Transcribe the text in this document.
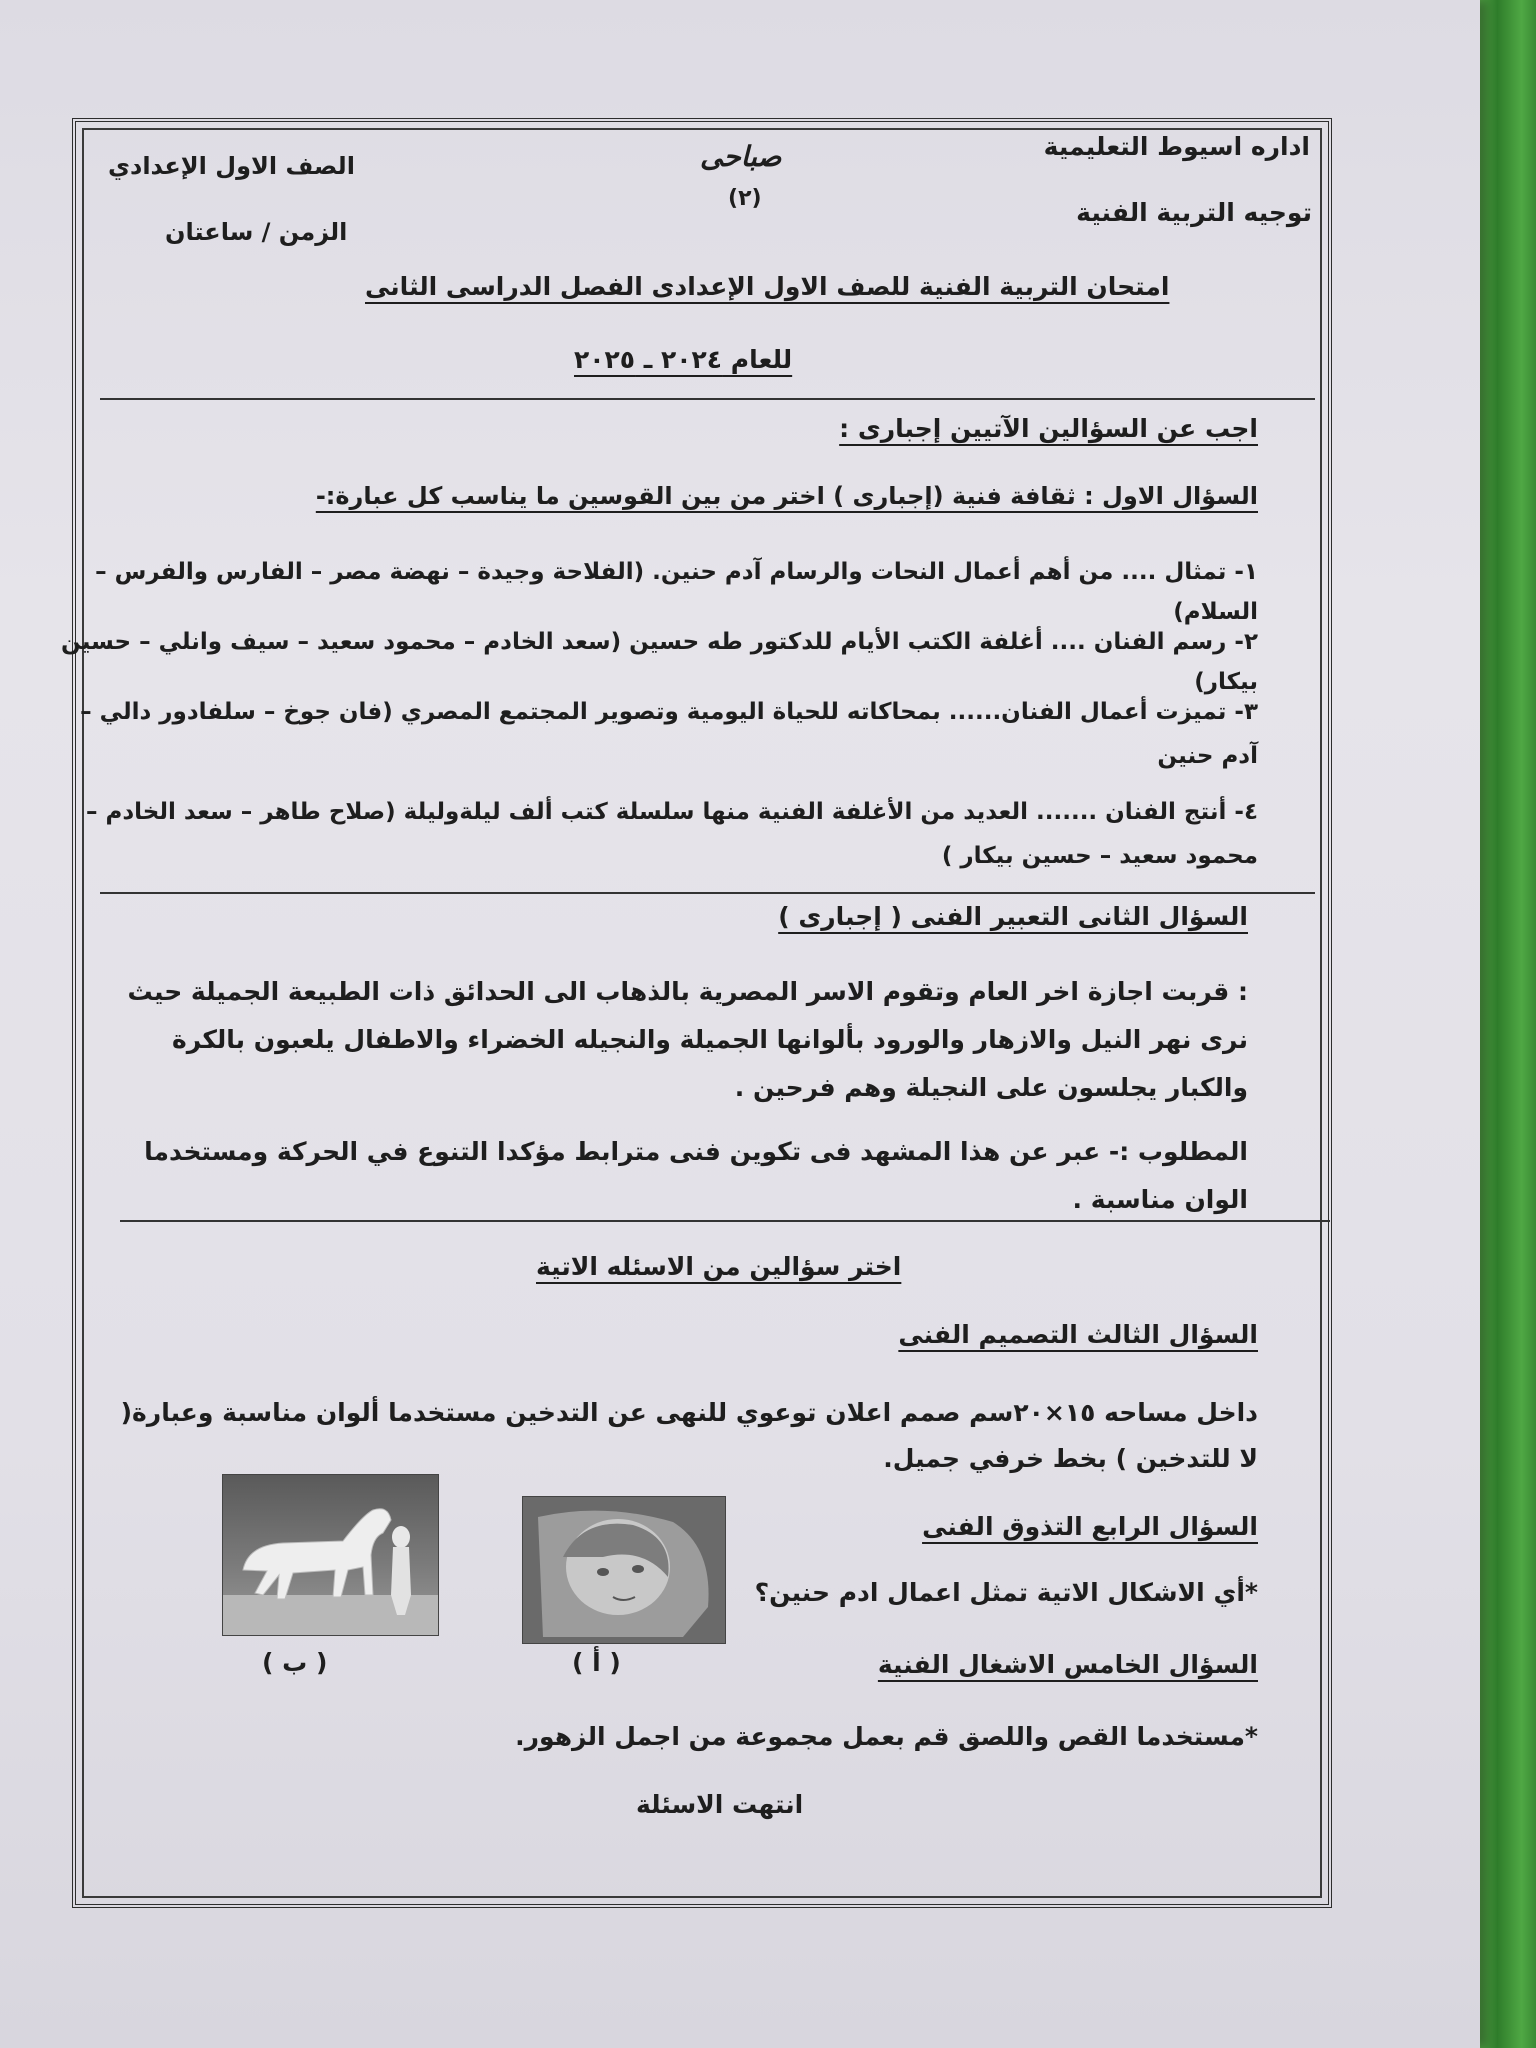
اداره اسيوط التعليمية
توجيه التربية الفنية
صباحى
(٢)
الصف الاول الإعدادي
الزمن / ساعتان
امتحان التربية الفنية للصف الاول الإعدادى الفصل الدراسى الثانى
للعام ٢٠٢٤ ـ ٢٠٢٥
اجب عن السؤالين الآتيين إجبارى :
السؤال الاول : ثقافة فنية (إجبارى ) اختر من بين القوسين ما يناسب كل عبارة:-
١- تمثال .... من أهم أعمال النحات والرسام آدم حنين. (الفلاحة وجيدة – نهضة مصر – الفارس والفرس – السلام)
٢- رسم الفنان .... أغلفة الكتب الأيام للدكتور طه حسين (سعد الخادم – محمود سعيد – سيف وانلي – حسين بيكار)
٣- تميزت أعمال الفنان...... بمحاكاته للحياة اليومية وتصوير المجتمع المصري (فان جوخ – سلفادور دالي – آدم حنين
٤- أنتج الفنان ....... العديد من الأغلفة الفنية منها سلسلة كتب ألف ليلةوليلة (صلاح طاهر – سعد الخادم – محمود سعيد – حسين بيكار )
السؤال الثانى التعبير الفنى ( إجبارى )
: قربت اجازة اخر العام وتقوم الاسر المصرية بالذهاب الى الحدائق ذات الطبيعة الجميلة حيث نرى نهر النيل والازهار والورود بألوانها الجميلة والنجيله الخضراء والاطفال يلعبون بالكرة والكبار يجلسون على النجيلة وهم فرحين .
المطلوب :- عبر عن هذا المشهد فى تكوين فنى مترابط مؤكدا التنوع في الحركة ومستخدما الوان مناسبة .
اختر سؤالين من الاسئله الاتية
السؤال الثالث التصميم الفنى
داخل مساحه ١٥×٢٠سم صمم اعلان توعوي للنهى عن التدخين مستخدما ألوان مناسبة وعبارة( لا للتدخين ) بخط خرفي جميل.
السؤال الرابع التذوق الفنى
*أي الاشكال الاتية تمثل اعمال ادم حنين؟
( ب )	( أ )	السؤال الخامس الاشغال الفنية
*مستخدما القص واللصق قم بعمل مجموعة من اجمل الزهور.
انتهت الاسئلة
